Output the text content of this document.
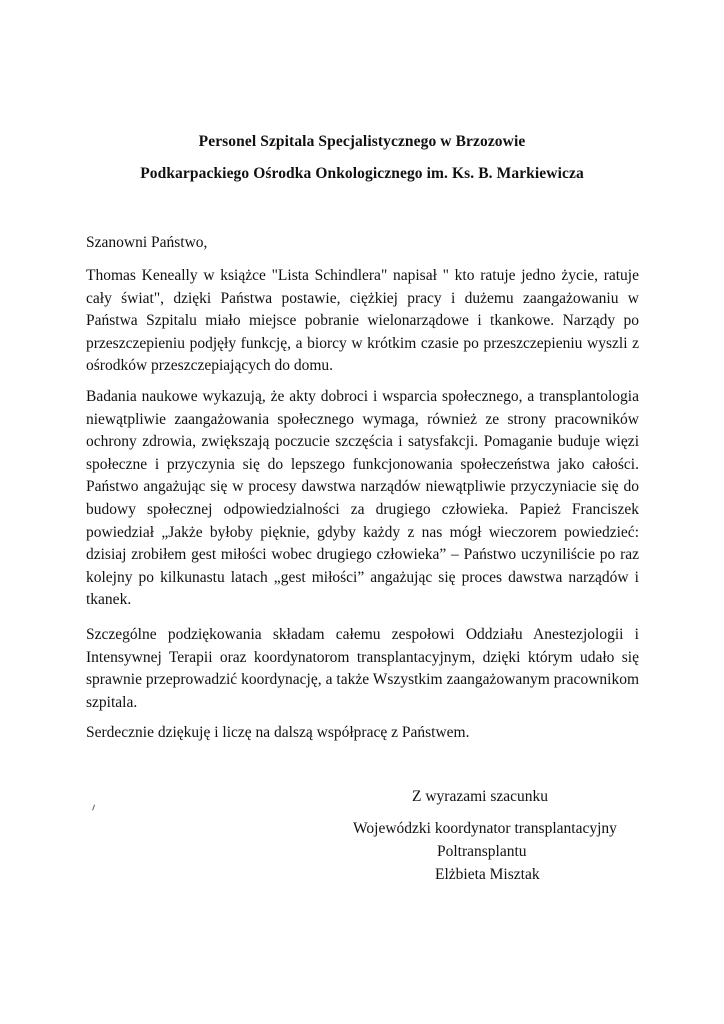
Personel Szpitala Specjalistycznego w Brzozowie
Podkarpackiego Ośrodka Onkologicznego im. Ks. B. Markiewicza
Szanowni Państwo,
Thomas Keneally w książce "Lista Schindlera" napisał " kto ratuje jedno życie, ratuje cały świat", dzięki Państwa postawie, ciężkiej pracy i dużemu zaangażowaniu w Państwa Szpitalu miało miejsce pobranie wielonarządowe i tkankowe. Narządy po przeszczepieniu podjęły funkcję, a biorcy w krótkim czasie po przeszczepieniu wyszli z ośrodków przeszczepiających do domu.
Badania naukowe wykazują, że akty dobroci i wsparcia społecznego, a transplantologia niewątpliwie zaangażowania społecznego wymaga, również ze strony pracowników ochrony zdrowia, zwiększają poczucie szczęścia i satysfakcji. Pomaganie buduje więzi społeczne i przyczynia się do lepszego funkcjonowania społeczeństwa jako całości. Państwo angażując się w procesy dawstwa narządów niewątpliwie przyczyniacie się do budowy społecznej odpowiedzialności za drugiego człowieka. Papież Franciszek powiedział „Jakże byłoby pięknie, gdyby każdy z nas mógł wieczorem powiedzieć: dzisiaj zrobiłem gest miłości wobec drugiego człowieka” – Państwo uczyniliście po raz kolejny po kilkunastu latach „gest miłości” angażując się proces dawstwa narządów i tkanek.
Szczególne podziękowania składam całemu zespołowi Oddziału Anestezjologii i Intensywnej Terapii oraz koordynatorom transplantacyjnym, dzięki którym udało się sprawnie przeprowadzić koordynację, a także Wszystkim zaangażowanym pracownikom szpitala.
Serdecznie dziękuję i liczę na dalszą współpracę z Państwem.
Z wyrazami szacunku
Wojewódzki koordynator transplantacyjny
Poltransplantu
Elżbieta Misztak
